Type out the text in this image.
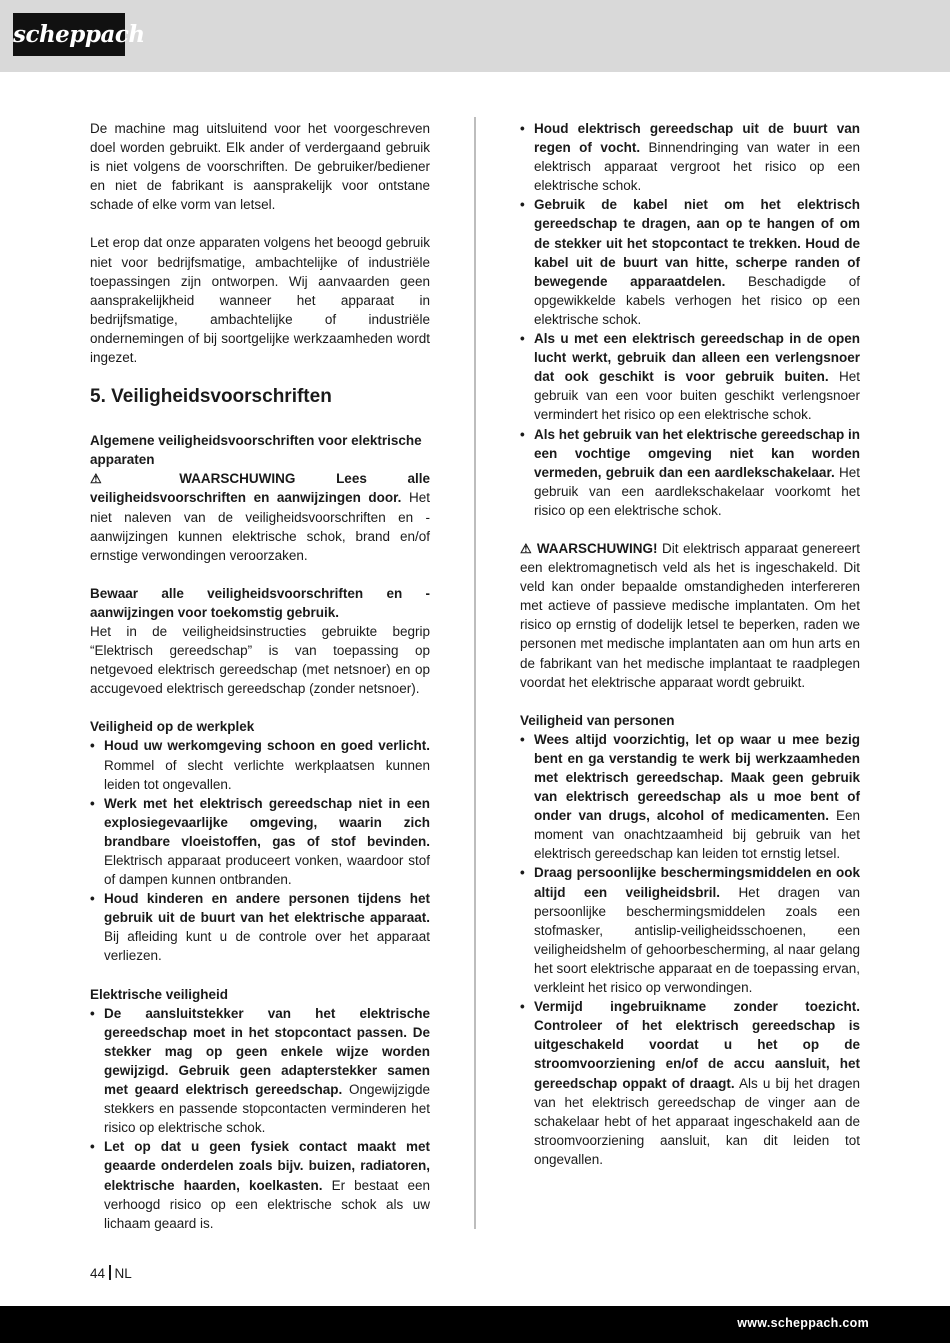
scheppach

De machine mag uitsluitend voor het voorgeschreven doel worden gebruikt. Elk ander of verdergaand gebruik is niet volgens de voorschriften. De gebruiker/bediener en niet de fabrikant is aansprakelijk voor ontstane schade of elke vorm van letsel.

Let erop dat onze apparaten volgens het beoogd gebruik niet voor bedrijfsmatige, ambachtelijke of industriële toepassingen zijn ontworpen. Wij aanvaarden geen aansprakelijkheid wanneer het apparaat in bedrijfsmatige, ambachtelijke of industriële ondernemingen of bij soortgelijke werkzaamheden wordt ingezet.

5. Veiligheidsvoorschriften
Algemene veiligheidsvoorschriften voor elektrische apparaten

⚠	WAARSCHUWING Lees alle veiligheidsvoorschriften en aanwijzingen door. Het niet naleven van de veiligheidsvoorschriften en -aanwijzingen kunnen elektrische schok, brand en/of ernstige verwondingen veroorzaken.

Bewaar alle veiligheidsvoorschriften en -aanwijzingen voor toekomstig gebruik.
Het in de veiligheidsinstructies gebruikte begrip “Elektrisch gereedschap” is van toepassing op netgevoed elektrisch gereedschap (met netsnoer) en op accugevoed elektrisch gereedschap (zonder netsnoer).

Veiligheid op de werkplek
• Houd uw werkomgeving schoon en goed verlicht. Rommel of slecht verlichte werkplaatsen kunnen leiden tot ongevallen.
• Werk met het elektrisch gereedschap niet in een explosiegevaarlijke omgeving, waarin zich brandbare vloeistoffen, gas of stof bevinden. Elektrisch apparaat produceert vonken, waardoor stof of dampen kunnen ontbranden.
• Houd kinderen en andere personen tijdens het gebruik uit de buurt van het elektrische apparaat. Bij afleiding kunt u de controle over het apparaat verliezen.
Elektrische veiligheid
• De aansluitstekker van het elektrische gereedschap moet in het stopcontact passen. De stekker mag op geen enkele wijze worden gewijzigd. Gebruik geen adapterstekker samen met geaard elektrisch gereedschap. Ongewijzigde stekkers en passende stopcontacten verminderen het risico op elektrische schok.
• Let op dat u geen fysiek contact maakt met geaarde onderdelen zoals bijv. buizen, radiatoren, elektrische haarden, koelkasten. Er bestaat een verhoogd risico op een elektrische schok als uw lichaam geaard is.
• Houd elektrisch gereedschap uit de buurt van regen of vocht. Binnendringing van water in een elektrisch apparaat vergroot het risico op een elektrische schok.
• Gebruik de kabel niet om het elektrisch gereedschap te dragen, aan op te hangen of om de stekker uit het stopcontact te trekken. Houd de kabel uit de buurt van hitte, scherpe randen of bewegende apparaatdelen. Beschadigde of opgewikkelde kabels verhogen het risico op een elektrische schok.
• Als u met een elektrisch gereedschap in de open lucht werkt, gebruik dan alleen een verlengsnoer dat ook geschikt is voor gebruik buiten. Het gebruik van een voor buiten geschikt verlengsnoer vermindert het risico op een elektrische schok.
• Als het gebruik van het elektrische gereedschap in een vochtige omgeving niet kan worden vermeden, gebruik dan een aardlekschakelaar. Het gebruik van een aardlekschakelaar voorkomt het risico op een elektrische schok.

⚠ WAARSCHUWING! Dit elektrisch apparaat genereert een elektromagnetisch veld als het is ingeschakeld. Dit veld kan onder bepaalde omstandigheden interfereren met actieve of passieve medische implantaten. Om het risico op ernstig of dodelijk letsel te beperken, raden we personen met medische implantaten aan om hun arts en de fabrikant van het medische implantaat te raadplegen voordat het elektrische apparaat wordt gebruikt.

Veiligheid van personen
• Wees altijd voorzichtig, let op waar u mee bezig bent en ga verstandig te werk bij werkzaamheden met elektrisch gereedschap. Maak geen gebruik van elektrisch gereedschap als u moe bent of onder van drugs, alcohol of medicamenten. Een moment van onachtzaamheid bij gebruik van het elektrisch gereedschap kan leiden tot ernstig letsel.
• Draag persoonlijke beschermingsmiddelen en ook altijd een veiligheidsbril. Het dragen van persoonlijke beschermingsmiddelen zoals een stofmasker, antislip-veiligheidsschoenen, een veiligheidshelm of gehoorbescherming, al naar gelang het soort elektrische apparaat en de toepassing ervan, verkleint het risico op verwondingen.
• Vermijd ingebruikname zonder toezicht. Controleer of het elektrisch gereedschap is uitgeschakeld voordat u het op de stroomvoorziening en/of de accu aansluit, het gereedschap oppakt of draagt. Als u bij het dragen van het elektrisch gereedschap de vinger aan de schakelaar hebt of het apparaat ingeschakeld aan de stroomvoorziening aansluit, kan dit leiden tot ongevallen.
44 NL
www.scheppach.com
